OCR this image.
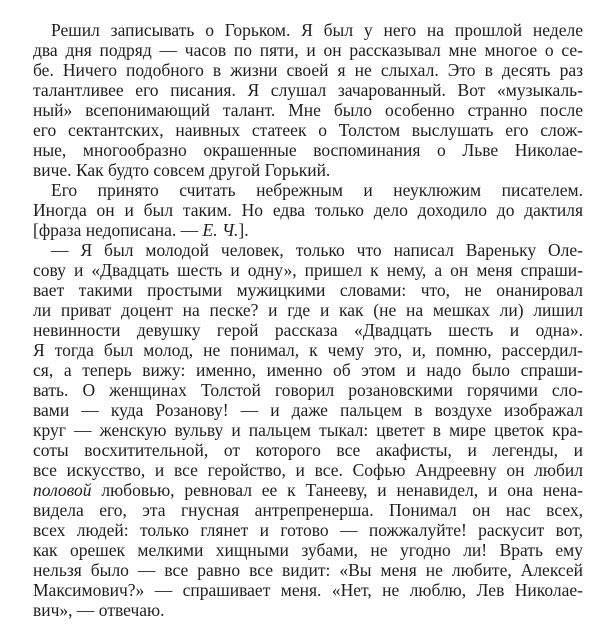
Решил записывать о Горьком. Я был у него на прошлой неделе
два дня подряд — часов по пяти, и он рассказывал мне многое о се-
бе. Ничего подобного в жизни своей я не слыхал. Это в десять раз
талантливее его писания. Я слушал зачарованный. Вот «музыкаль-
ный» всепонимающий талант. Мне было особенно странно после
его сектантских, наивных статеек о Толстом выслушать его слож-
ные, многообразно окрашенные воспоминания о Льве Николае-
виче. Как будто совсем другой Горький.
Его принято считать небрежным и неуклюжим писателем.
Иногда он и был таким. Но едва только дело доходило до дактиля
[фраза недописана. — Е. Ч.].
— Я был молодой человек, только что написал Вареньку Оле-
сову и «Двадцать шесть и одну», пришел к нему, а он меня спраши-
вает такими простыми мужицкими словами: что, не онанировал
ли приват доцент на песке? и где и как (не на мешках ли) лишил
невинности девушку герой рассказа «Двадцать шесть и одна».
Я тогда был молод, не понимал, к чему это, и, помню, рассердил-
ся, а теперь вижу: именно, именно об этом и надо было спраши-
вать. О женщинах Толстой говорил розановскими горячими сло-
вами — куда Розанову! — и даже пальцем в воздухе изображал
круг — женскую вульву и пальцем тыкал: цветет в мире цветок кра-
соты восхитительной, от которого все акафисты, и легенды, и
все искусство, и все геройство, и все. Софью Андреевну он любил
половой любовью, ревновал ее к Танееву, и ненавидел, и она нена-
видела его, эта гнусная антрепренерша. Понимал он нас всех,
всех людей: только глянет и готово — пожжалуйте! раскусит вот,
как орешек мелкими хищными зубами, не угодно ли! Врать ему
нельзя было — все равно все видит: «Вы меня не любите, Алексей
Максимович?» — спрашивает меня. «Нет, не люблю, Лев Николае-
вич», — отвечаю.
